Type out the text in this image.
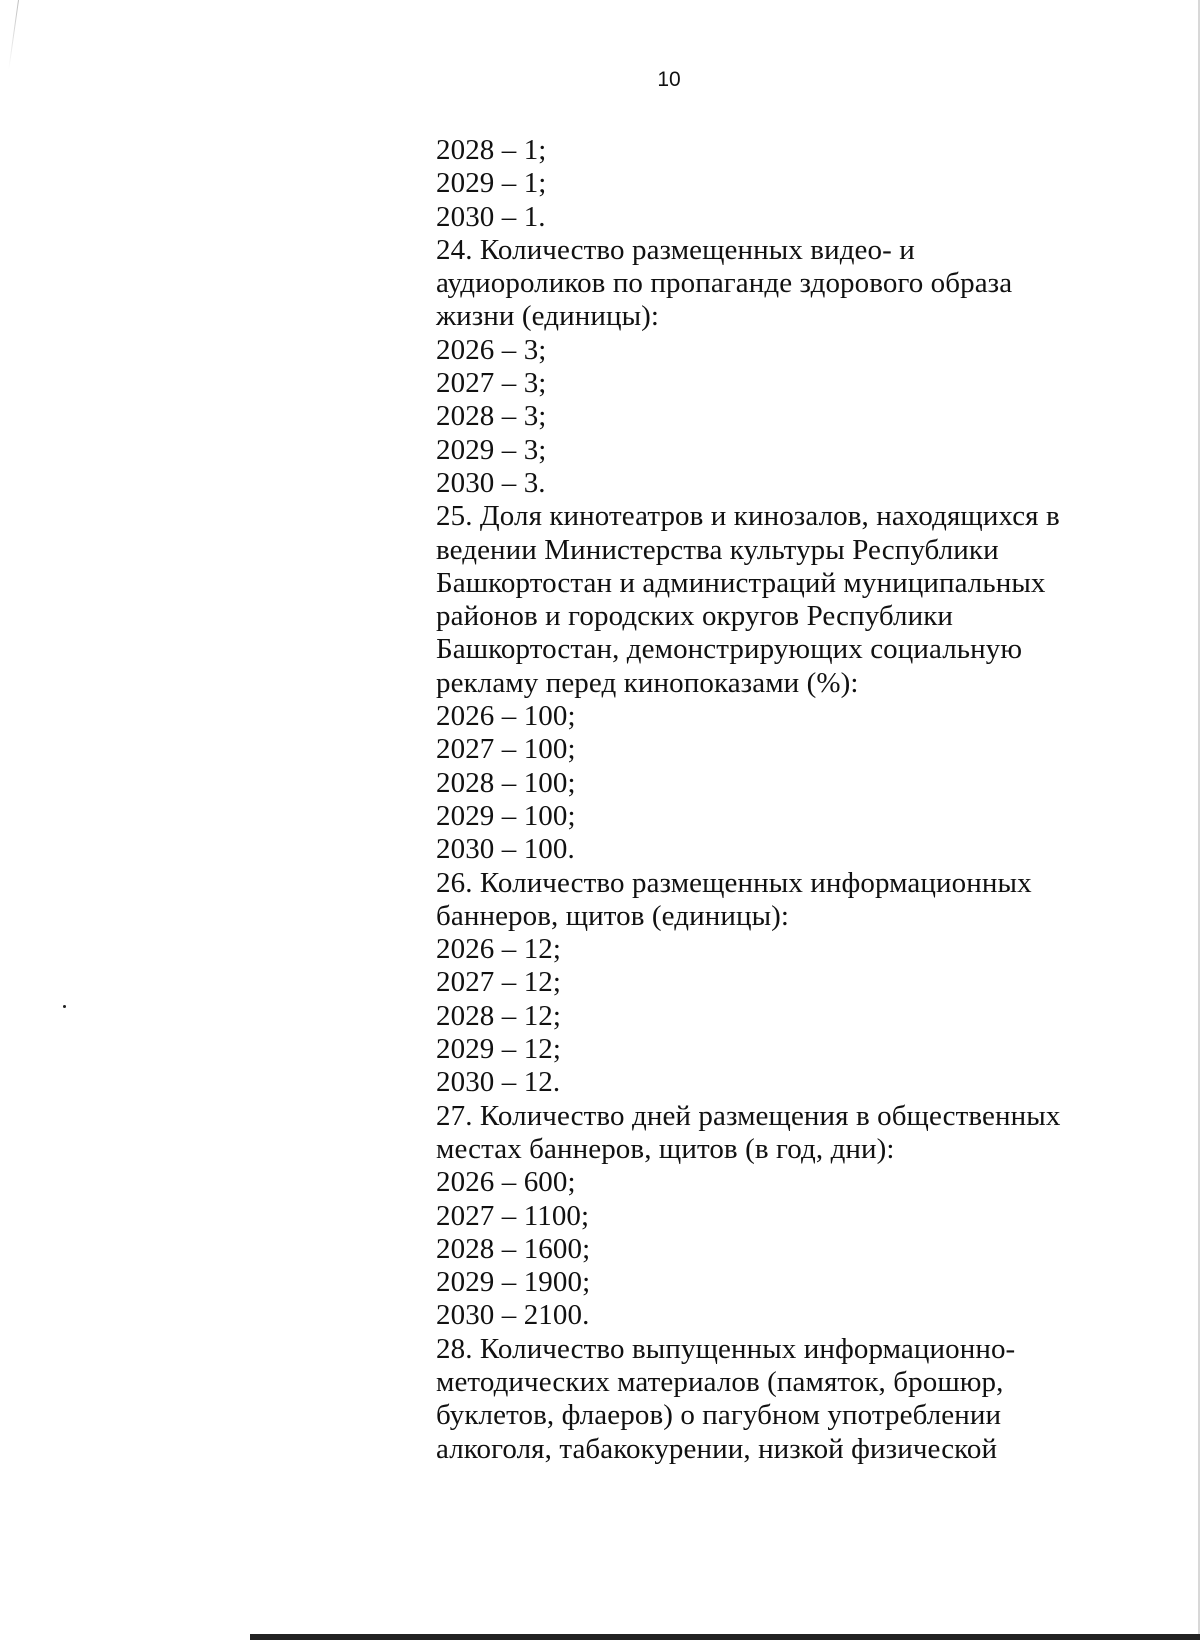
10
2028 – 1;
2029 – 1;
2030 – 1.
24. Количество размещенных видео- и
аудиороликов по пропаганде здорового образа
жизни (единицы):
2026 – 3;
2027 – 3;
2028 – 3;
2029 – 3;
2030 – 3.
25. Доля кинотеатров и кинозалов, находящихся в
ведении Министерства культуры Республики
Башкортостан и администраций муниципальных
районов и городских округов Республики
Башкортостан, демонстрирующих социальную
рекламу перед кинопоказами (%):
2026 – 100;
2027 – 100;
2028 – 100;
2029 – 100;
2030 – 100.
26. Количество размещенных информационных
баннеров, щитов (единицы):
2026 – 12;
2027 – 12;
2028 – 12;
2029 – 12;
2030 – 12.
27. Количество дней размещения в общественных
местах баннеров, щитов (в год, дни):
2026 – 600;
2027 – 1100;
2028 – 1600;
2029 – 1900;
2030 – 2100.
28. Количество выпущенных информационно-
методических материалов (памяток, брошюр,
буклетов, флаеров) о пагубном употреблении
алкоголя, табакокурении, низкой физической
